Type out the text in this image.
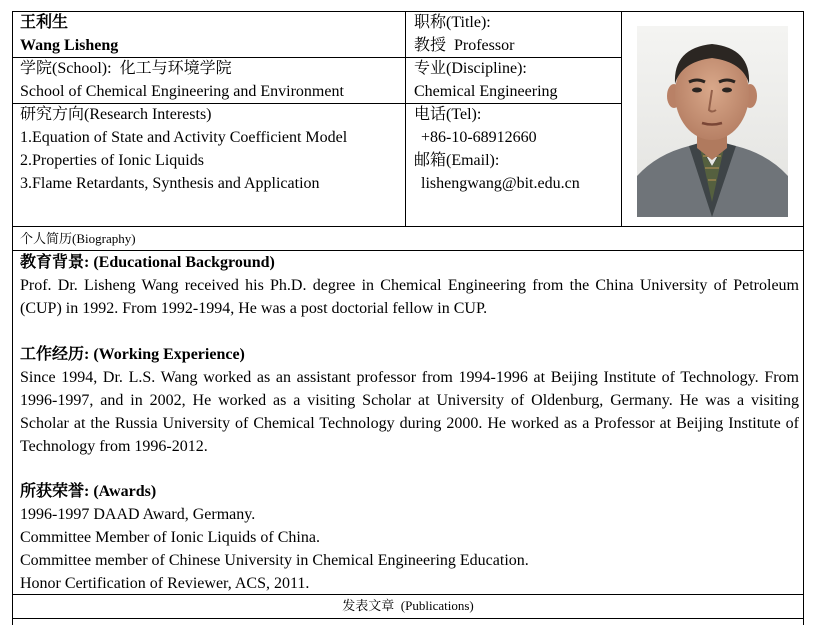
王利生
Wang Lisheng
职称(Title):
教授  Professor
学院(School): 化工与环境学院
School of Chemical Engineering and Environment
专业(Discipline):
Chemical Engineering
研究方向(Research Interests)
1.Equation of State and Activity Coefficient Model
2.Properties of Ionic Liquids
3.Flame Retardants, Synthesis and Application
电话(Tel):
+86-10-68912660
邮箱(Email):
lishengwang@bit.edu.cn
个人简历(Biography)
教育背景: (Educational Background)
Prof. Dr. Lisheng Wang received his Ph.D. degree in Chemical Engineering from the China University of Petroleum (CUP) in 1992. From 1992-1994, He was a post doctorial fellow in CUP.
工作经历: (Working Experience)
Since 1994, Dr. L.S. Wang worked as an assistant professor from 1994-1996 at Beijing Institute of Technology. From 1996-1997, and in 2002, He worked as a visiting Scholar at University of Oldenburg, Germany. He was a visiting Scholar at the Russia University of Chemical Technology during 2000. He worked as a Professor at Beijing Institute of Technology from 1996-2012.
所获荣誉: (Awards)
1996-1997 DAAD Award, Germany.
Committee Member of Ionic Liquids of China.
Committee member of Chinese University in Chemical Engineering Education.
Honor Certification of Reviewer, ACS, 2011.
发表文章  (Publications)
